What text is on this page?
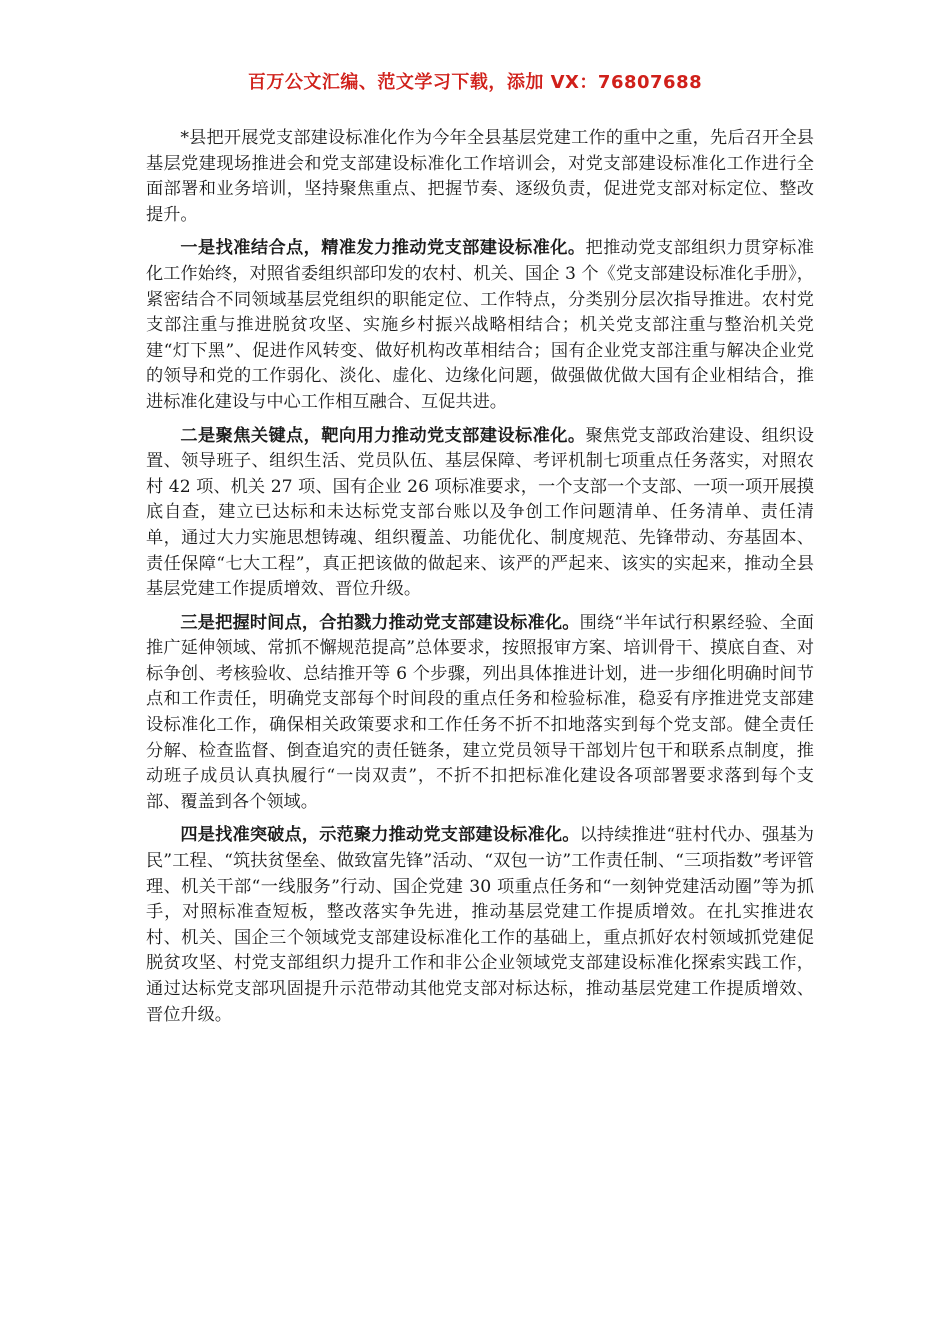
百万公文汇编、范文学习下载，添加 VX：76807688

*县把开展党支部建设标准化作为今年全县基层党建工作的重中之重，先后召开全县基层党建现场推进会和党支部建设标准化工作培训会，对党支部建设标准化工作进行全面部署和业务培训，坚持聚焦重点、把握节奏、逐级负责，促进党支部对标定位、整改提升。

一是找准结合点，精准发力推动党支部建设标准化。把推动党支部组织力贯穿标准化工作始终，对照省委组织部印发的农村、机关、国企 3 个《党支部建设标准化手册》，紧密结合不同领域基层党组织的职能定位、工作特点，分类别分层次指导推进。农村党支部注重与推进脱贫攻坚、实施乡村振兴战略相结合；机关党支部注重与整治机关党建“灯下黑”、促进作风转变、做好机构改革相结合；国有企业党支部注重与解决企业党的领导和党的工作弱化、淡化、虚化、边缘化问题，做强做优做大国有企业相结合，推进标准化建设与中心工作相互融合、互促共进。

二是聚焦关键点，靶向用力推动党支部建设标准化。聚焦党支部政治建设、组织设置、领导班子、组织生活、党员队伍、基层保障、考评机制七项重点任务落实，对照农村 42 项、机关 27 项、国有企业 26 项标准要求，一个支部一个支部、一项一项开展摸底自查，建立已达标和未达标党支部台账以及争创工作问题清单、任务清单、责任清单，通过大力实施思想铸魂、组织覆盖、功能优化、制度规范、先锋带动、夯基固本、责任保障“七大工程”，真正把该做的做起来、该严的严起来、该实的实起来，推动全县基层党建工作提质增效、晋位升级。

三是把握时间点，合拍戮力推动党支部建设标准化。围绕“半年试行积累经验、全面推广延伸领域、常抓不懈规范提高”总体要求，按照报审方案、培训骨干、摸底自查、对标争创、考核验收、总结推开等 6 个步骤，列出具体推进计划，进一步细化明确时间节点和工作责任，明确党支部每个时间段的重点任务和检验标准，稳妥有序推进党支部建设标准化工作，确保相关政策要求和工作任务不折不扣地落实到每个党支部。健全责任分解、检查监督、倒查追究的责任链条，建立党员领导干部划片包干和联系点制度，推动班子成员认真执履行“一岗双责”，不折不扣把标准化建设各项部署要求落到每个支部、覆盖到各个领域。

四是找准突破点，示范聚力推动党支部建设标准化。以持续推进“驻村代办、强基为民”工程、“筑扶贫堡垒、做致富先锋”活动、“双包一访”工作责任制、“三项指数”考评管理、机关干部“一线服务”行动、国企党建 30 项重点任务和“一刻钟党建活动圈”等为抓手，对照标准查短板，整改落实争先进，推动基层党建工作提质增效。在扎实推进农村、机关、国企三个领域党支部建设标准化工作的基础上，重点抓好农村领域抓党建促脱贫攻坚、村党支部组织力提升工作和非公企业领域党支部建设标准化探索实践工作，通过达标党支部巩固提升示范带动其他党支部对标达标，推动基层党建工作提质增效、晋位升级。
